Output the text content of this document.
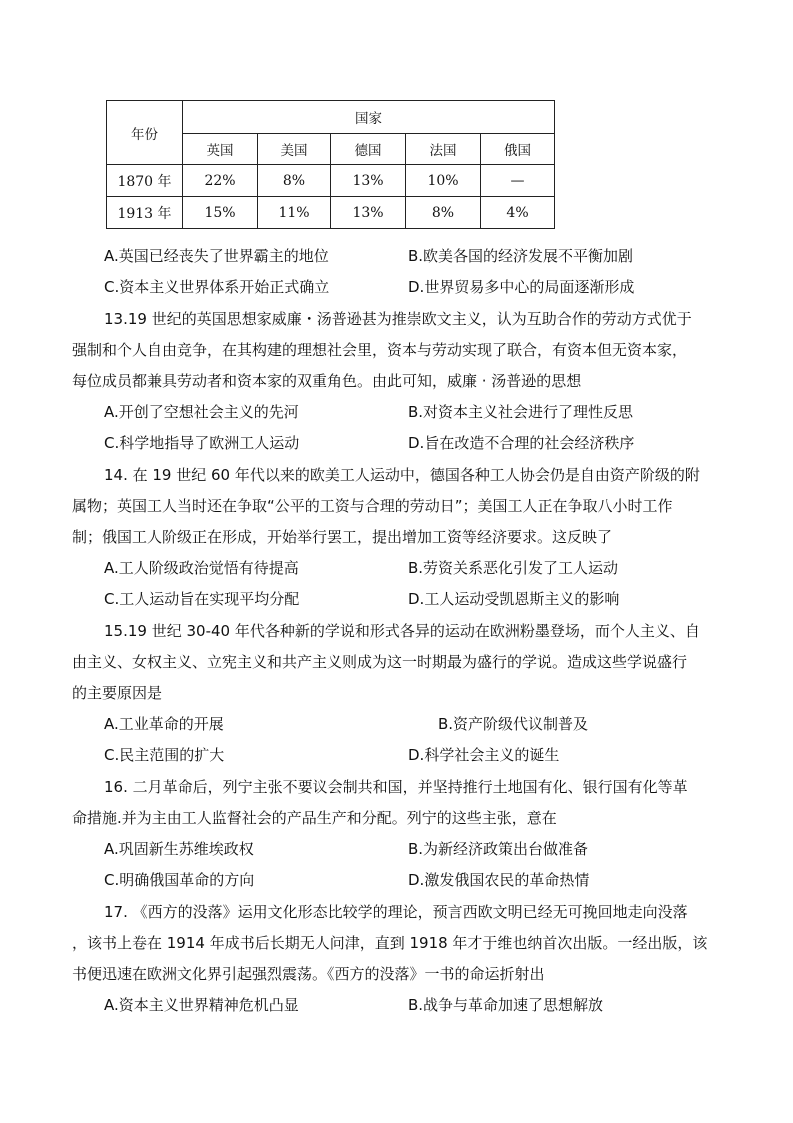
年份	国家				
	英国	美国	德国	法国	俄国
1870 年	22%	8%	13%	10%	—
1913 年	15%	11%	13%	8%	4%
A.英国已经丧失了世界霸主的地位	B.欧美各国的经济发展不平衡加剧
C.资本主义世界体系开始正式确立	D.世界贸易多中心的局面逐渐形成
13.19 世纪的英国思想家威廉・汤普逊甚为推崇欧文主义，认为互助合作的劳动方式优于
强制和个人自由竞争，在其构建的理想社会里，资本与劳动实现了联合，有资本但无资本家，
每位成员都兼具劳动者和资本家的双重角色。由此可知，威廉 · 汤普逊的思想
A.开创了空想社会主义的先河	B.对资本主义社会进行了理性反思
C.科学地指导了欧洲工人运动	D.旨在改造不合理的社会经济秩序
14. 在 19 世纪 60 年代以来的欧美工人运动中，德国各种工人协会仍是自由资产阶级的附
属物；英国工人当时还在争取“公平的工资与合理的劳动日”；美国工人正在争取八小时工作
制；俄国工人阶级正在形成，开始举行罢工，提出增加工资等经济要求。这反映了
A.工人阶级政治觉悟有待提高	B.劳资关系恶化引发了工人运动
C.工人运动旨在实现平均分配	D.工人运动受凯恩斯主义的影响
15.19 世纪 30-40 年代各种新的学说和形式各异的运动在欧洲粉墨登场，而个人主义、自
由主义、女权主义、立宪主义和共产主义则成为这一时期最为盛行的学说。造成这些学说盛行
的主要原因是
A.工业革命的开展	B.资产阶级代议制普及
C.民主范围的扩大	D.科学社会主义的诞生
16. 二月革命后，列宁主张不要议会制共和国，并坚持推行土地国有化、银行国有化等革
命措施.并为主由工人监督社会的产品生产和分配。列宁的这些主张，意在
A.巩固新生苏维埃政权	B.为新经济政策出台做准备
C.明确俄国革命的方向	D.激发俄国农民的革命热情
17. 《西方的没落》运用文化形态比较学的理论，预言西欧文明已经无可挽回地走向没落
，该书上卷在 1914 年成书后长期无人问津，直到 1918 年才于维也纳首次出版。一经出版，该
书便迅速在欧洲文化界引起强烈震荡。《西方的没落》一书的命运折射出
A.资本主义世界精神危机凸显	B.战争与革命加速了思想解放
